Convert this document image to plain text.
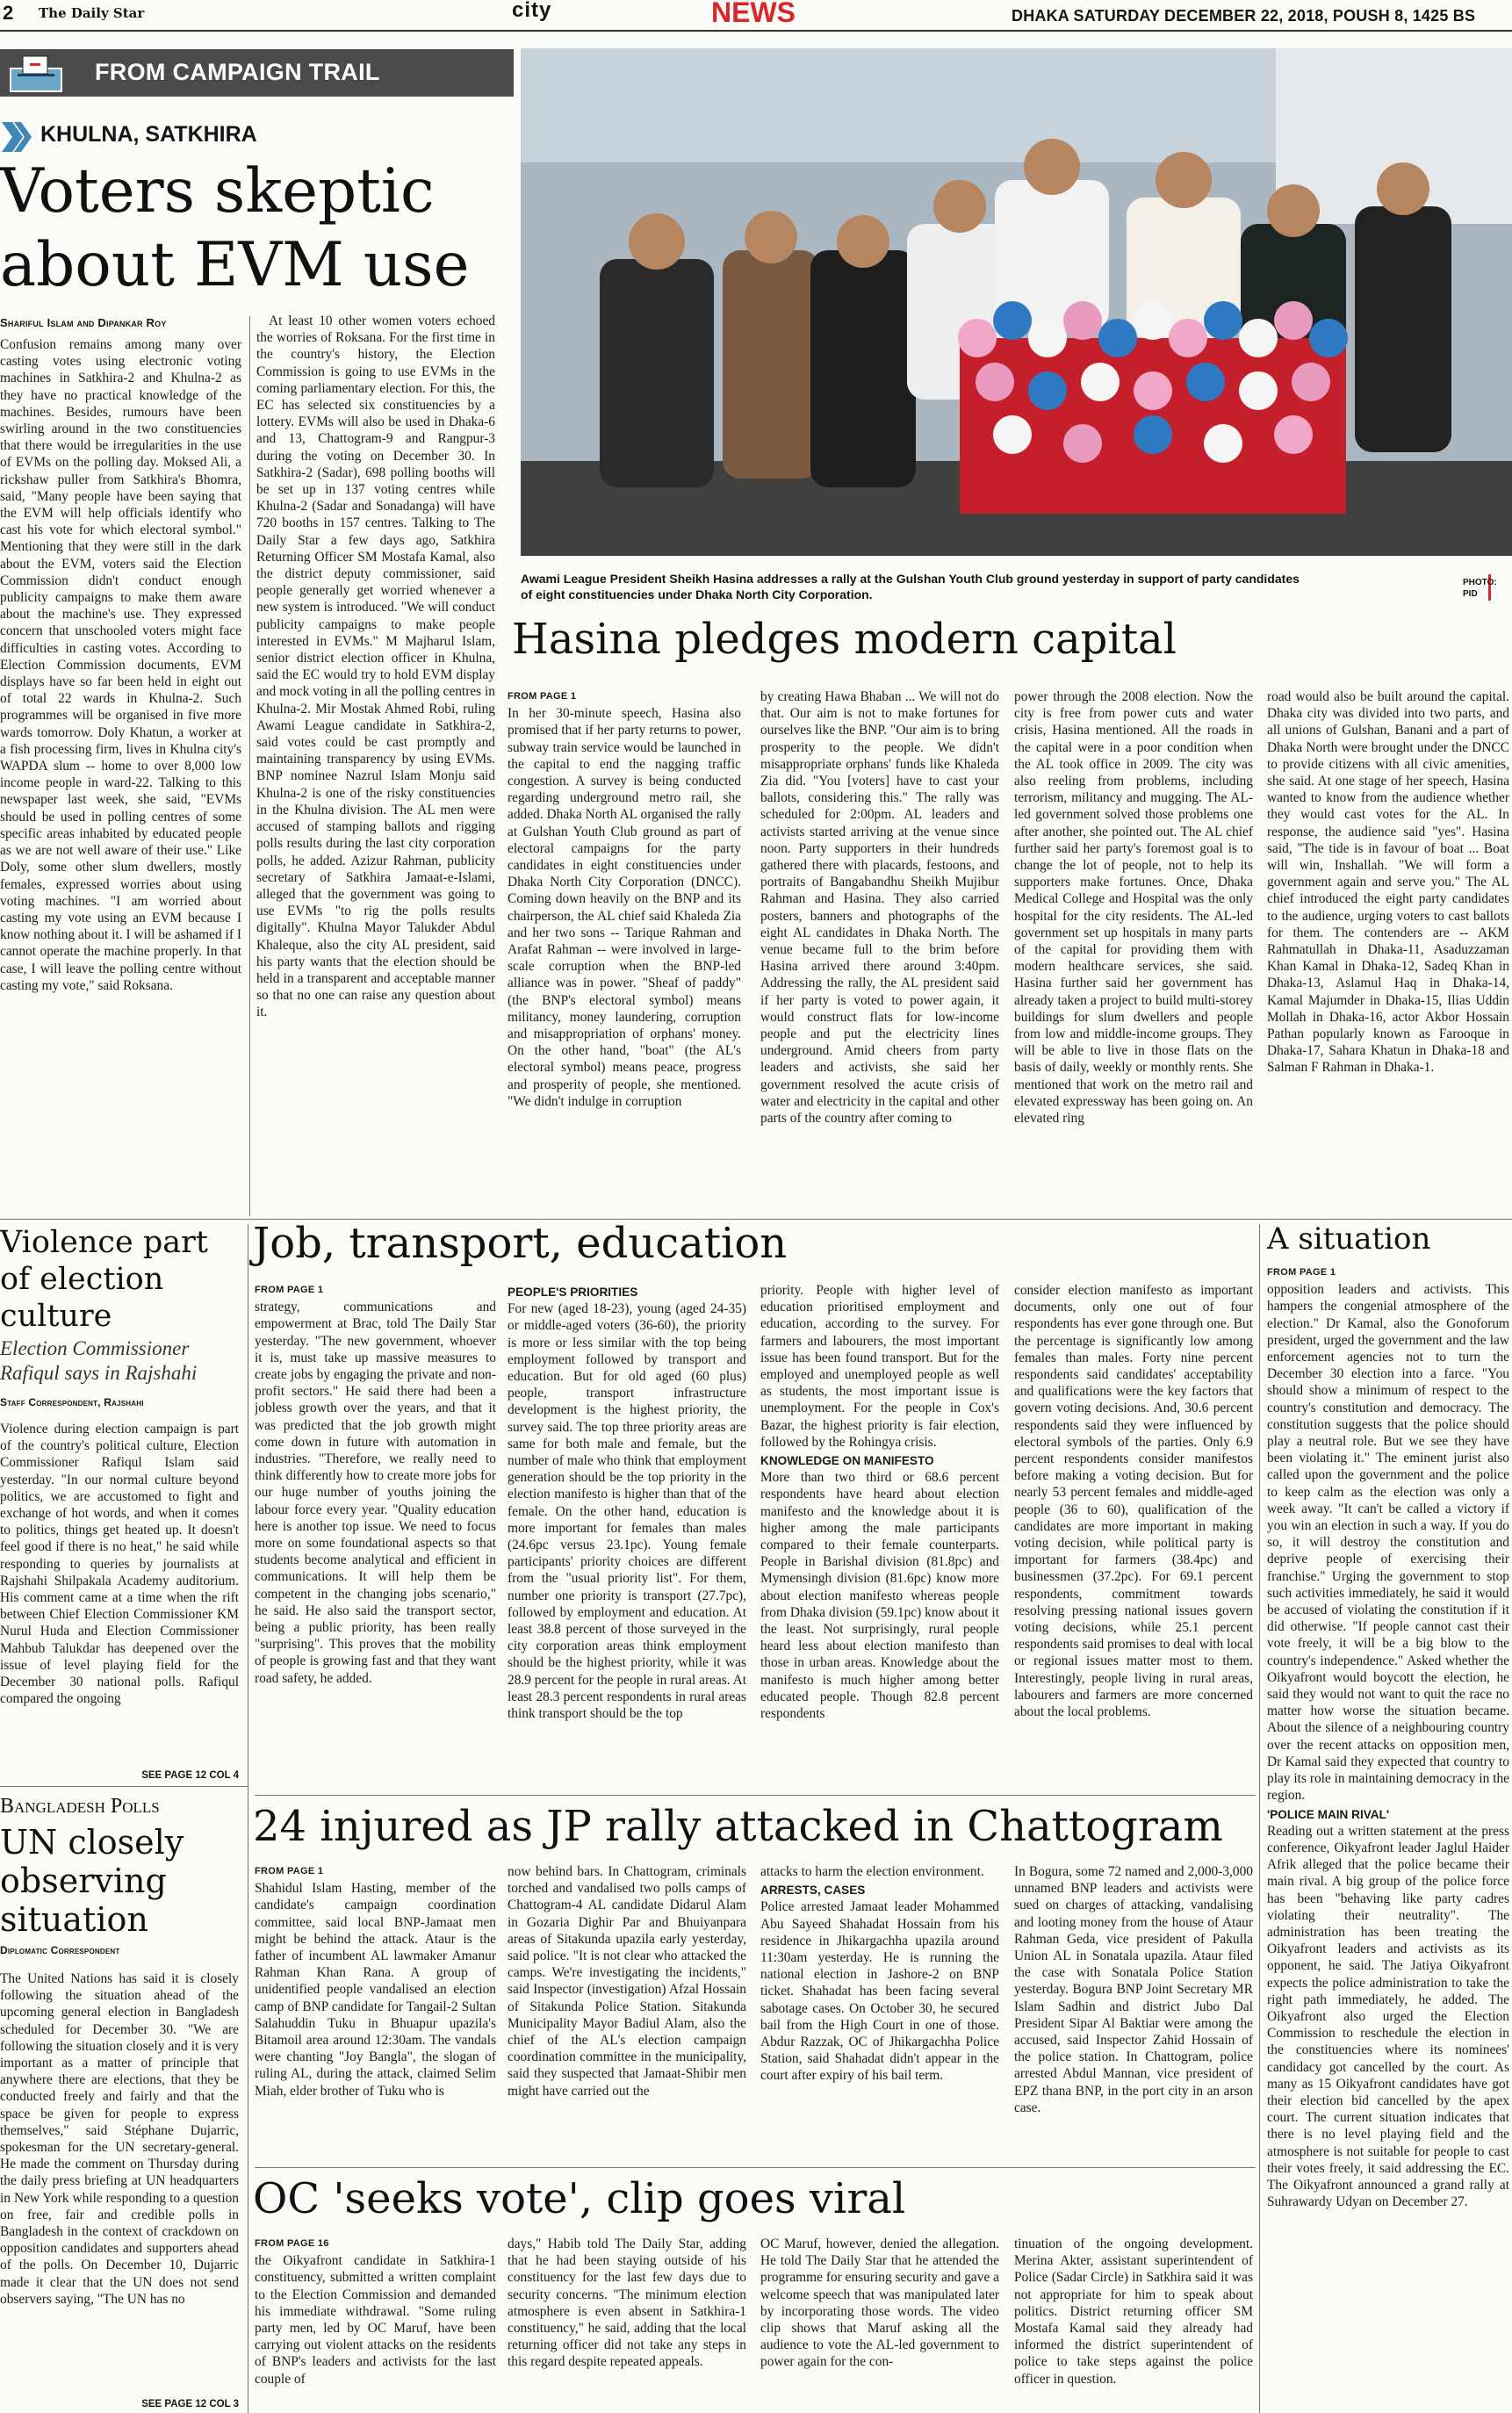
2 The Daily Star	city	NEWS	DHAKA SATURDAY DECEMBER 22, 2018, POUSH 8, 1425 BS
FROM CAMPAIGN TRAIL
KHULNA, SATKHIRA
Voters skeptic
about EVM use
Shariful Islam and Dipankar Roy

Confusion remains among many over casting votes using electronic voting machines in Satkhira-2 and Khulna-2 as they have no practical knowledge of the machines. Besides, rumours have been swirling around in the two constituencies that there would be irregularities in the use of EVMs on the polling day. Moksed Ali, a rickshaw puller from Satkhira's Bhomra, said, "Many people have been saying that the EVM will help officials identify who cast his vote for which electoral symbol." Mentioning that they were still in the dark about the EVM, voters said the Election Commission didn't conduct enough publicity campaigns to make them aware about the machine's use. They expressed concern that unschooled voters might face difficulties in casting votes. According to Election Commission documents, EVM displays have so far been held in eight out of total 22 wards in Khulna-2. Such programmes will be organised in five more wards tomorrow. Doly Khatun, a worker at a fish processing firm, lives in Khulna city's WAPDA slum -- home to over 8,000 low income people in ward-22. Talking to this newspaper last week, she said, "EVMs should be used in polling centres of some specific areas inhabited by educated people as we are not well aware of their use." Like Doly, some other slum dwellers, mostly females, expressed worries about using voting machines. "I am worried about casting my vote using an EVM because I know nothing about it. I will be ashamed if I cannot operate the machine properly. In that case, I will leave the polling centre without casting my vote," said Roksana.

At least 10 other women voters echoed the worries of Roksana. For the first time in the country's history, the Election Commission is going to use EVMs in the coming parliamentary election. For this, the EC has selected six constituencies by a lottery. EVMs will also be used in Dhaka-6 and 13, Chattogram-9 and Rangpur-3 during the voting on December 30. In Satkhira-2 (Sadar), 698 polling booths will be set up in 137 voting centres while Khulna-2 (Sadar and Sonadanga) will have 720 booths in 157 centres. Talking to The Daily Star a few days ago, Satkhira Returning Officer SM Mostafa Kamal, also the district deputy commissioner, said people generally get worried whenever a new system is introduced. "We will conduct publicity campaigns to make people interested in EVMs." M Majharul Islam, senior district election officer in Khulna, said the EC would try to hold EVM display and mock voting in all the polling centres in Khulna-2. Mir Mostak Ahmed Robi, ruling Awami League candidate in Satkhira-2, said votes could be cast promptly and maintaining transparency by using EVMs. BNP nominee Nazrul Islam Monju said Khulna-2 is one of the risky constituencies in the Khulna division. The AL men were accused of stamping ballots and rigging polls results during the last city corporation polls, he added. Azizur Rahman, publicity secretary of Satkhira Jamaat-e-Islami, alleged that the government was going to use EVMs "to rig the polls results digitally". Khulna Mayor Talukder Abdul Khaleque, also the city AL president, said his party wants that the election should be held in a transparent and acceptable manner so that no one can raise any question about it.

Awami League President Sheikh Hasina addresses a rally at the Gulshan Youth Club ground yesterday in support of party candidates of eight constituencies under Dhaka North City Corporation.
PHOTO: PID
Hasina pledges modern capital

FROM PAGE 1

In her 30-minute speech, Hasina also promised that if her party returns to power, subway train service would be launched in the capital to end the nagging traffic congestion. A survey is being conducted regarding underground metro rail, she added. Dhaka North AL organised the rally at Gulshan Youth Club ground as part of electoral campaigns for the party candidates in eight constituencies under Dhaka North City Corporation (DNCC). Coming down heavily on the BNP and its chairperson, the AL chief said Khaleda Zia and her two sons -- Tarique Rahman and Arafat Rahman -- were involved in large-scale corruption when the BNP-led alliance was in power. "Sheaf of paddy" (the BNP's electoral symbol) means militancy, money laundering, corruption and misappropriation of orphans' money. On the other hand, "boat" (the AL's electoral symbol) means peace, progress and prosperity of people, she mentioned. "We didn't indulge in corruption

by creating Hawa Bhaban ... We will not do that. Our aim is not to make fortunes for ourselves like the BNP. "Our aim is to bring prosperity to the people. We didn't misappropriate orphans' funds like Khaleda Zia did. "You [voters] have to cast your ballots, considering this." The rally was scheduled for 2:00pm. AL leaders and activists started arriving at the venue since noon. Party supporters in their hundreds gathered there with placards, festoons, and portraits of Bangabandhu Sheikh Mujibur Rahman and Hasina. They also carried posters, banners and photographs of the eight AL candidates in Dhaka North. The venue became full to the brim before Hasina arrived there around 3:40pm. Addressing the rally, the AL president said if her party is voted to power again, it would construct flats for low-income people and put the electricity lines underground. Amid cheers from party leaders and activists, she said her government resolved the acute crisis of water and electricity in the capital and other parts of the country after coming to

power through the 2008 election. Now the city is free from power cuts and water crisis, Hasina mentioned. All the roads in the capital were in a poor condition when the AL took office in 2009. The city was also reeling from problems, including terrorism, militancy and mugging. The AL-led government solved those problems one after another, she pointed out. The AL chief further said her party's foremost goal is to change the lot of people, not to help its supporters make fortunes. Once, Dhaka Medical College and Hospital was the only hospital for the city residents. The AL-led government set up hospitals in many parts of the capital for providing them with modern healthcare services, she said. Hasina further said her government has already taken a project to build multi-storey buildings for slum dwellers and people from low and middle-income groups. They will be able to live in those flats on the basis of daily, weekly or monthly rents. She mentioned that work on the metro rail and elevated expressway has been going on. An elevated ring

road would also be built around the capital. Dhaka city was divided into two parts, and all unions of Gulshan, Banani and a part of Dhaka North were brought under the DNCC to provide citizens with all civic amenities, she said. At one stage of her speech, Hasina wanted to know from the audience whether they would cast votes for the AL. In response, the audience said "yes". Hasina said, "The tide is in favour of boat ... Boat will win, Inshallah. "We will form a government again and serve you." The AL chief introduced the eight party candidates to the audience, urging voters to cast ballots for them. The contenders are -- AKM Rahmatullah in Dhaka-11, Asaduzzaman Khan Kamal in Dhaka-12, Sadeq Khan in Dhaka-13, Aslamul Haq in Dhaka-14, Kamal Majumder in Dhaka-15, Ilias Uddin Mollah in Dhaka-16, actor Akbor Hossain Pathan popularly known as Farooque in Dhaka-17, Sahara Khatun in Dhaka-18 and Salman F Rahman in Dhaka-1.

Violence part
of election
culture
Election Commissioner
Rafiqul says in Rajshahi
Staff Correspondent, Rajshahi

Violence during election campaign is part of the country's political culture, Election Commissioner Rafiqul Islam said yesterday. "In our normal culture beyond politics, we are accustomed to fight and exchange of hot words, and when it comes to politics, things get heated up. It doesn't feel good if there is no heat," he said while responding to queries by journalists at Rajshahi Shilpakala Academy auditorium. His comment came at a time when the rift between Chief Election Commissioner KM Nurul Huda and Election Commissioner Mahbub Talukdar has deepened over the issue of level playing field for the December 30 national polls. Rafiqul compared the ongoing

SEE PAGE 12 COL 4
Job, transport, education

FROM PAGE 1

strategy, communications and empowerment at Brac, told The Daily Star yesterday. "The new government, whoever it is, must take up massive measures to create jobs by engaging the private and non-profit sectors." He said there had been a jobless growth over the years, and that it was predicted that the job growth might come down in future with automation in industries. "Therefore, we really need to think differently how to create more jobs for our huge number of youths joining the labour force every year. "Quality education here is another top issue. We need to focus more on some foundational aspects so that students become analytical and efficient in communications. It will help them be competent in the changing jobs scenario," he said. He also said the transport sector, being a public priority, has been really "surprising". This proves that the mobility of people is growing fast and that they want road safety, he added.

PEOPLE'S PRIORITIES

For new (aged 18-23), young (aged 24-35) or middle-aged voters (36-60), the priority is more or less similar with the top being employment followed by transport and education. But for old aged (60 plus) people, transport infrastructure development is the highest priority, the survey said. The top three priority areas are same for both male and female, but the number of male who think that employment generation should be the top priority in the election manifesto is higher than that of the female. On the other hand, education is more important for females than males (24.6pc versus 23.1pc). Young female participants' priority choices are different from the "usual priority list". For them, number one priority is transport (27.7pc), followed by employment and education. At least 38.8 percent of those surveyed in the city corporation areas think employment should be the highest priority, while it was 28.9 percent for the people in rural areas. At least 28.3 percent respondents in rural areas think transport should be the top

priority. People with higher level of education prioritised employment and education, according to the survey. For farmers and labourers, the most important issue has been found transport. But for the employed and unemployed people as well as students, the most important issue is unemployment. For the people in Cox's Bazar, the highest priority is fair election, followed by the Rohingya crisis.

KNOWLEDGE ON MANIFESTO

More than two third or 68.6 percent respondents have heard about election manifesto and the knowledge about it is higher among the male participants compared to their female counterparts. People in Barishal division (81.8pc) and Mymensingh division (81.6pc) know more about election manifesto whereas people from Dhaka division (59.1pc) know about it the least. Not surprisingly, rural people heard less about election manifesto than those in urban areas. Knowledge about the manifesto is much higher among better educated people. Though 82.8 percent respondents

consider election manifesto as important documents, only one out of four respondents has ever gone through one. But the percentage is significantly low among females than males. Forty nine percent respondents said candidates' acceptability and qualifications were the key factors that govern voting decisions. And, 30.6 percent respondents said they were influenced by electoral symbols of the parties. Only 6.9 percent respondents consider manifestos before making a voting decision. But for nearly 53 percent females and middle-aged people (36 to 60), qualification of the candidates are more important in making voting decision, while political party is important for farmers (38.4pc) and businessmen (37.2pc). For 69.1 percent respondents, commitment towards resolving pressing national issues govern voting decisions, while 25.1 percent respondents said promises to deal with local or regional issues matter most to them. Interestingly, people living in rural areas, labourers and farmers are more concerned about the local problems.

A situation

FROM PAGE 1

opposition leaders and activists. This hampers the congenial atmosphere of the election." Dr Kamal, also the Gonoforum president, urged the government and the law enforcement agencies not to turn the December 30 election into a farce. "You should show a minimum of respect to the country's constitution and democracy. The constitution suggests that the police should play a neutral role. But we see they have been violating it." The eminent jurist also called upon the government and the police to keep calm as the election was only a week away. "It can't be called a victory if you win an election in such a way. If you do so, it will destroy the constitution and deprive people of exercising their franchise." Urging the government to stop such activities immediately, he said it would be accused of violating the constitution if it did otherwise. "If people cannot cast their vote freely, it will be a big blow to the country's independence." Asked whether the Oikyafront would boycott the election, he said they would not want to quit the race no matter how worse the situation became. About the silence of a neighbouring country over the recent attacks on opposition men, Dr Kamal said they expected that country to play its role in maintaining democracy in the region.

'POLICE MAIN RIVAL'

Reading out a written statement at the press conference, Oikyafront leader Jaglul Haider Afrik alleged that the police became their main rival. A big group of the police force has been "behaving like party cadres violating their neutrality". The administration has been treating the Oikyafront leaders and activists as its opponent, he said. The Jatiya Oikyafront expects the police administration to take the right path immediately, he added. The Oikyafront also urged the Election Commission to reschedule the election in the constituencies where its nominees' candidacy got cancelled by the court. As many as 15 Oikyafront candidates have got their election bid cancelled by the apex court. The current situation indicates that there is no level playing field and the atmosphere is not suitable for people to cast their votes freely, it said addressing the EC. The Oikyafront announced a grand rally at Suhrawardy Udyan on December 27.

Bangladesh Polls
UN closely
observing
situation
Diplomatic Correspondent

The United Nations has said it is closely following the situation ahead of the upcoming general election in Bangladesh scheduled for December 30. "We are following the situation closely and it is very important as a matter of principle that anywhere there are elections, that they be conducted freely and fairly and that the space be given for people to express themselves," said Stéphane Dujarric, spokesman for the UN secretary-general. He made the comment on Thursday during the daily press briefing at UN headquarters in New York while responding to a question on free, fair and credible polls in Bangladesh in the context of crackdown on opposition candidates and supporters ahead of the polls. On December 10, Dujarric made it clear that the UN does not send observers saying, "The UN has no

SEE PAGE 12 COL 3
24 injured as JP rally attacked in Chattogram

FROM PAGE 1

Shahidul Islam Hasting, member of the candidate's campaign coordination committee, said local BNP-Jamaat men might be behind the attack. Ataur is the father of incumbent AL lawmaker Amanur Rahman Khan Rana. A group of unidentified people vandalised an election camp of BNP candidate for Tangail-2 Sultan Salahuddin Tuku in Bhuapur upazila's Bitamoil area around 12:30am. The vandals were chanting "Joy Bangla", the slogan of ruling AL, during the attack, claimed Selim Miah, elder brother of Tuku who is

now behind bars. In Chattogram, criminals torched and vandalised two polls camps of Chattogram-4 AL candidate Didarul Alam in Gozaria Dighir Par and Bhuiyanpara areas of Sitakunda upazila early yesterday, said police. "It is not clear who attacked the camps. We're investigating the incidents," said Inspector (investigation) Afzal Hossain of Sitakunda Police Station. Sitakunda Municipality Mayor Badiul Alam, also the chief of the AL's election campaign coordination committee in the municipality, said they suspected that Jamaat-Shibir men might have carried out the

attacks to harm the election environment.

ARRESTS, CASES

Police arrested Jamaat leader Mohammed Abu Sayeed Shahadat Hossain from his residence in Jhikargachha upazila around 11:30am yesterday. He is running the national election in Jashore-2 on BNP ticket. Shahadat has been facing several sabotage cases. On October 30, he secured bail from the High Court in one of those. Abdur Razzak, OC of Jhikargachha Police Station, said Shahadat didn't appear in the court after expiry of his bail term.

In Bogura, some 72 named and 2,000-3,000 unnamed BNP leaders and activists were sued on charges of attacking, vandalising and looting money from the house of Ataur Rahman Geda, vice president of Pakulla Union AL in Sonatala upazila. Ataur filed the case with Sonatala Police Station yesterday. Bogura BNP Joint Secretary MR Islam Sadhin and district Jubo Dal President Sipar Al Baktiar were among the accused, said Inspector Zahid Hossain of the police station. In Chattogram, police arrested Abdul Mannan, vice president of EPZ thana BNP, in the port city in an arson case.

OC 'seeks vote', clip goes viral

FROM PAGE 16

the Oikyafront candidate in Satkhira-1 constituency, submitted a written complaint to the Election Commission and demanded his immediate withdrawal. "Some ruling party men, led by OC Maruf, have been carrying out violent attacks on the residents of BNP's leaders and activists for the last couple of

days," Habib told The Daily Star, adding that he had been staying outside of his constituency for the last few days due to security concerns. "The minimum election atmosphere is even absent in Satkhira-1 constituency," he said, adding that the local returning officer did not take any steps in this regard despite repeated appeals.

OC Maruf, however, denied the allegation. He told The Daily Star that he attended the programme for ensuring security and gave a welcome speech that was manipulated later by incorporating those words. The video clip shows that Maruf asking all the audience to vote the AL-led government to power again for the con-

tinuation of the ongoing development. Merina Akter, assistant superintendent of Police (Sadar Circle) in Satkhira said it was not appropriate for him to speak about politics. District returning officer SM Mostafa Kamal said they already had informed the district superintendent of police to take steps against the police officer in question.
